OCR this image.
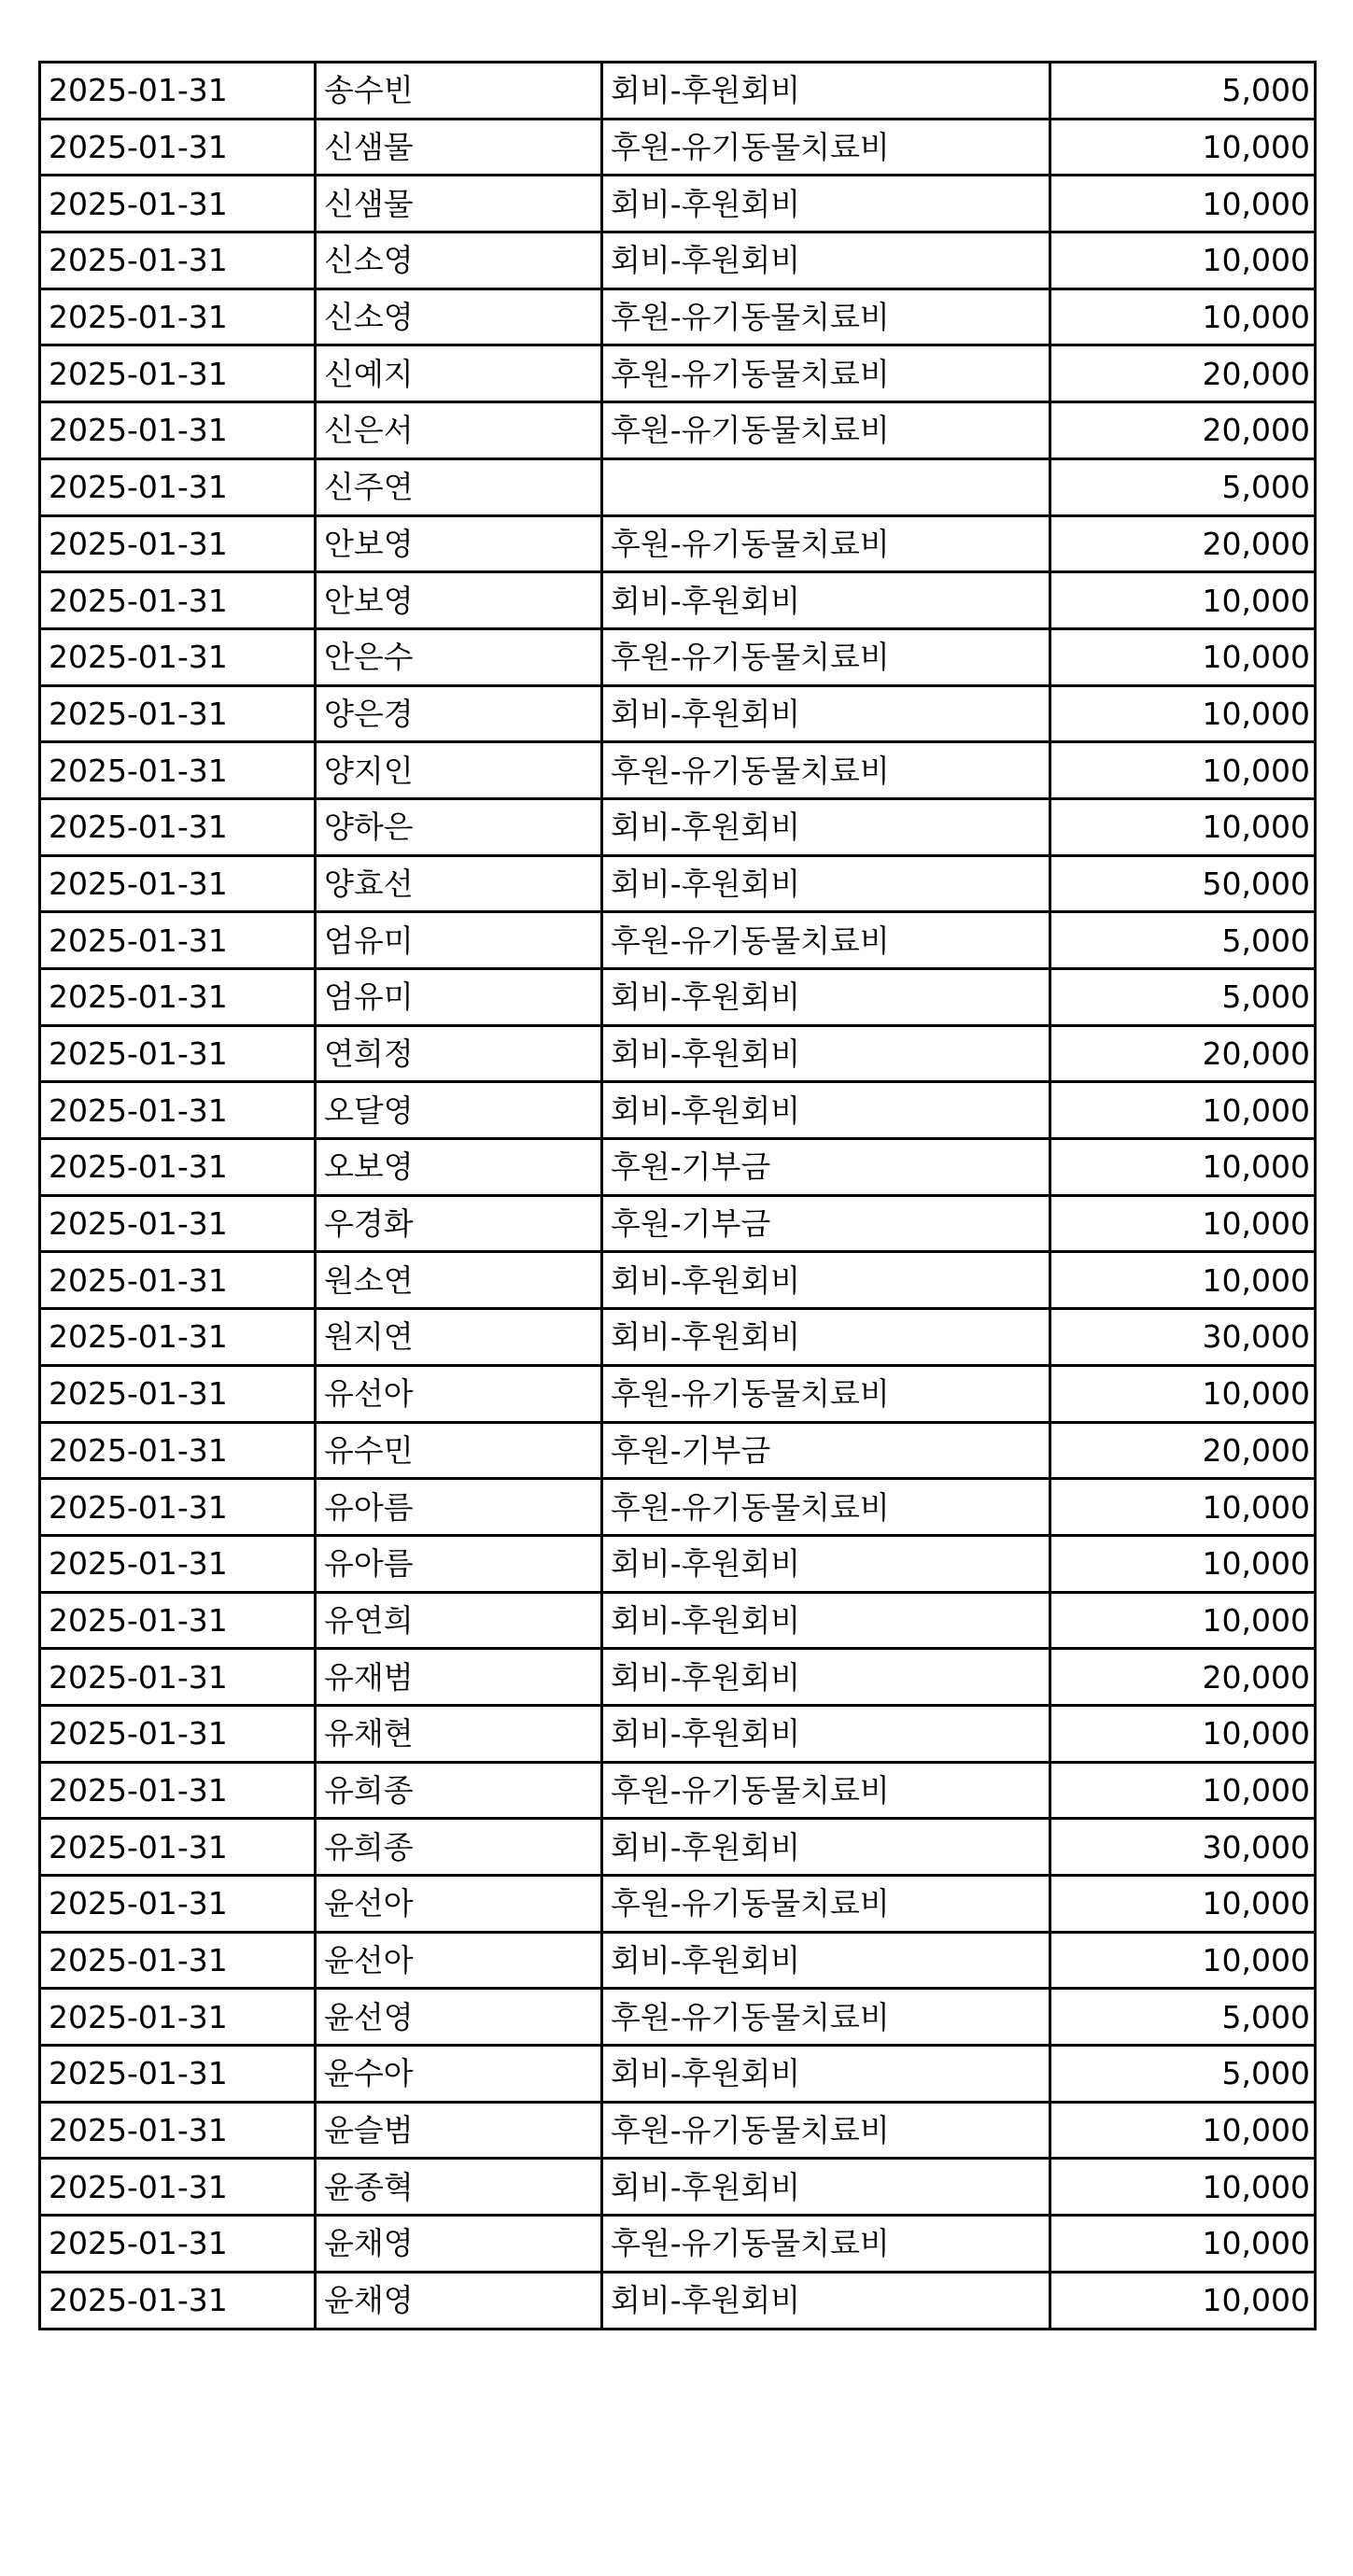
2025-01-31	송수빈	회비-후원회비	5,000
2025-01-31	신샘물	후원-유기동물치료비	10,000
2025-01-31	신샘물	회비-후원회비	10,000
2025-01-31	신소영	회비-후원회비	10,000
2025-01-31	신소영	후원-유기동물치료비	10,000
2025-01-31	신예지	후원-유기동물치료비	20,000
2025-01-31	신은서	후원-유기동물치료비	20,000
2025-01-31	신주연		5,000
2025-01-31	안보영	후원-유기동물치료비	20,000
2025-01-31	안보영	회비-후원회비	10,000
2025-01-31	안은수	후원-유기동물치료비	10,000
2025-01-31	양은경	회비-후원회비	10,000
2025-01-31	양지인	후원-유기동물치료비	10,000
2025-01-31	양하은	회비-후원회비	10,000
2025-01-31	양효선	회비-후원회비	50,000
2025-01-31	엄유미	후원-유기동물치료비	5,000
2025-01-31	엄유미	회비-후원회비	5,000
2025-01-31	연희정	회비-후원회비	20,000
2025-01-31	오달영	회비-후원회비	10,000
2025-01-31	오보영	후원-기부금	10,000
2025-01-31	우경화	후원-기부금	10,000
2025-01-31	원소연	회비-후원회비	10,000
2025-01-31	원지연	회비-후원회비	30,000
2025-01-31	유선아	후원-유기동물치료비	10,000
2025-01-31	유수민	후원-기부금	20,000
2025-01-31	유아름	후원-유기동물치료비	10,000
2025-01-31	유아름	회비-후원회비	10,000
2025-01-31	유연희	회비-후원회비	10,000
2025-01-31	유재범	회비-후원회비	20,000
2025-01-31	유채현	회비-후원회비	10,000
2025-01-31	유희종	후원-유기동물치료비	10,000
2025-01-31	유희종	회비-후원회비	30,000
2025-01-31	윤선아	후원-유기동물치료비	10,000
2025-01-31	윤선아	회비-후원회비	10,000
2025-01-31	윤선영	후원-유기동물치료비	5,000
2025-01-31	윤수아	회비-후원회비	5,000
2025-01-31	윤슬범	후원-유기동물치료비	10,000
2025-01-31	윤종혁	회비-후원회비	10,000
2025-01-31	윤채영	후원-유기동물치료비	10,000
2025-01-31	윤채영	회비-후원회비	10,000
